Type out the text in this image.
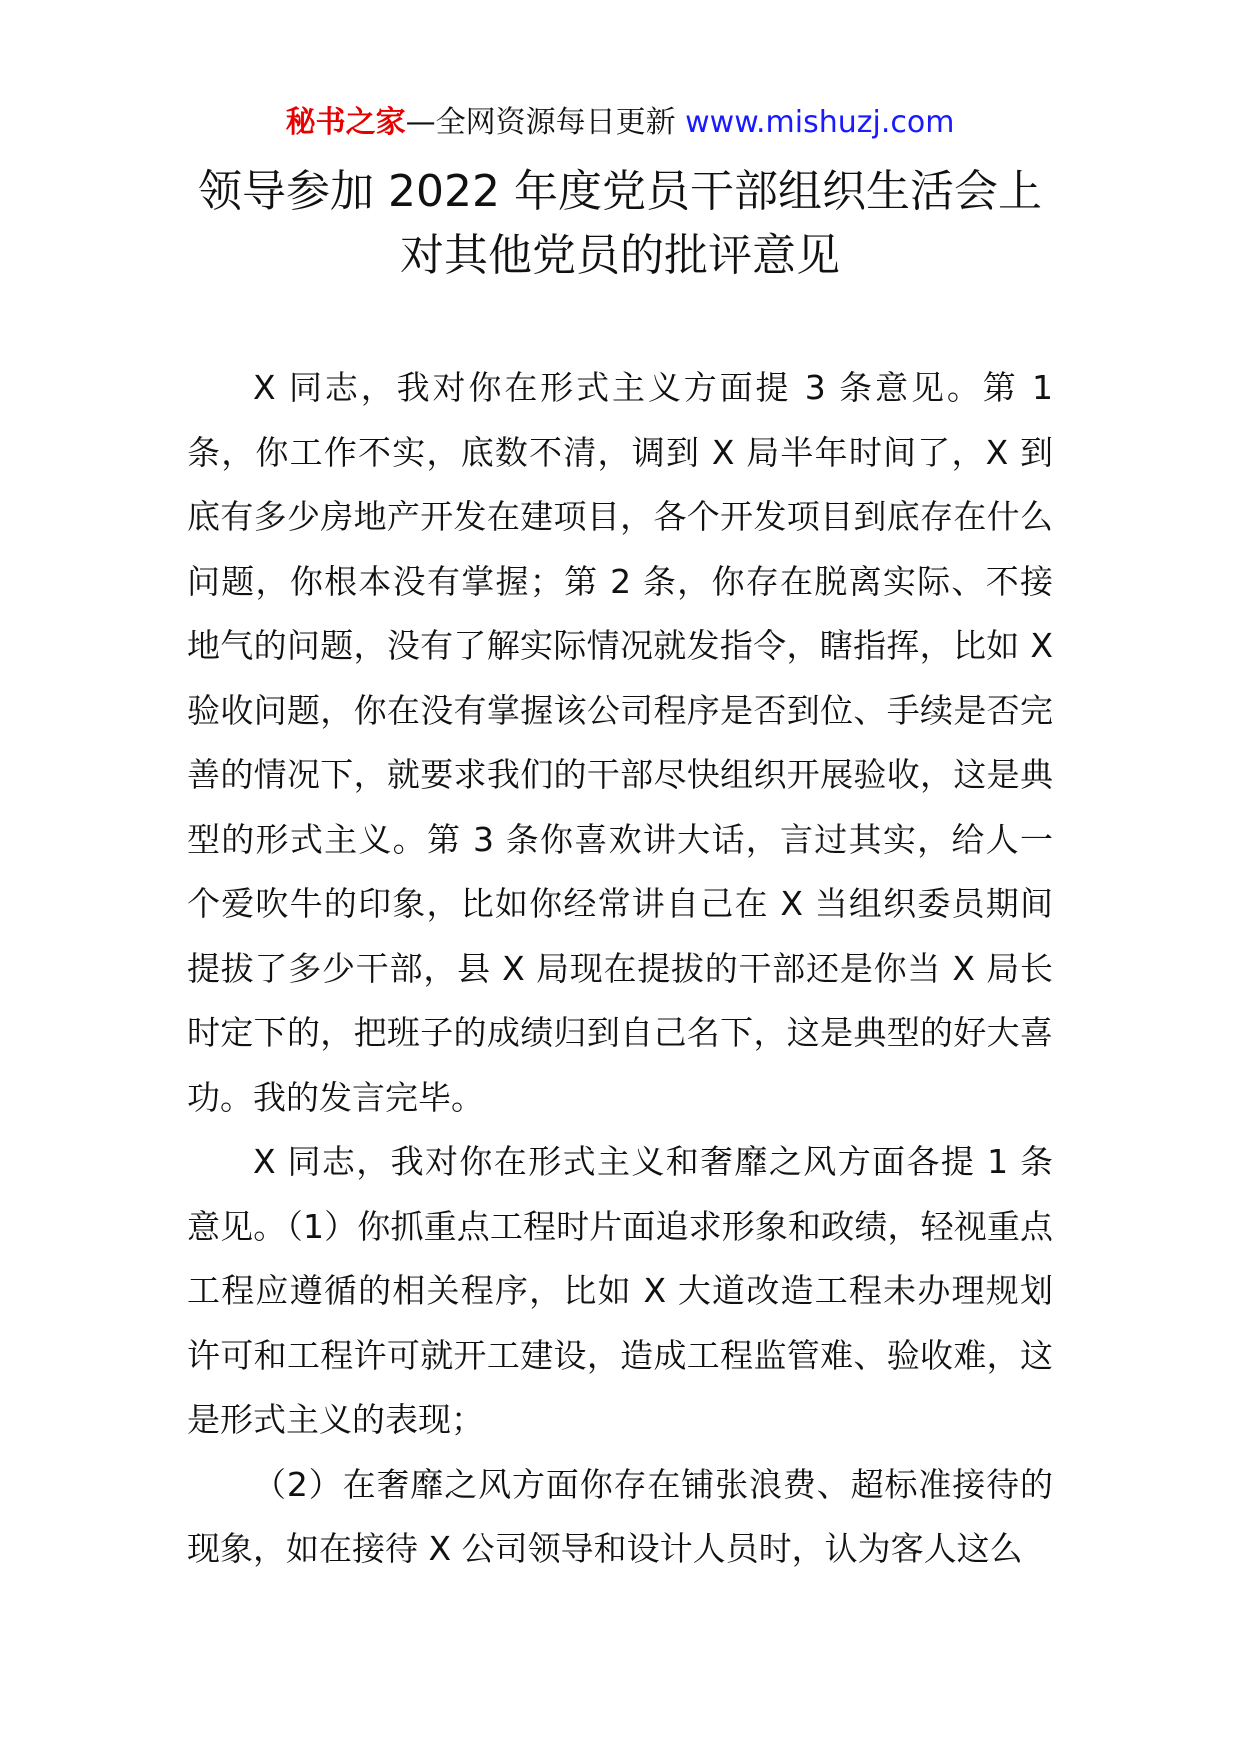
秘书之家—全网资源每日更新 www.mishuzj.com
领导参加 2022 年度党员干部组织生活会上
对其他党员的批评意见

X 同志，我对你在形式主义方面提 3 条意见。第 1 条，你工作不实，底数不清，调到 X 局半年时间了，X 到底有多少房地产开发在建项目，各个开发项目到底存在什么问题，你根本没有掌握；第 2 条，你存在脱离实际、不接地气的问题，没有了解实际情况就发指令，瞎指挥，比如 X 验收问题，你在没有掌握该公司程序是否到位、手续是否完善的情况下，就要求我们的干部尽快组织开展验收，这是典型的形式主义。第 3 条你喜欢讲大话，言过其实，给人一个爱吹牛的印象，比如你经常讲自己在 X 当组织委员期间提拔了多少干部，县 X 局现在提拔的干部还是你当 X 局长时定下的，把班子的成绩归到自己名下，这是典型的好大喜功。我的发言完毕。

X 同志，我对你在形式主义和奢靡之风方面各提 1 条意见。（1）你抓重点工程时片面追求形象和政绩，轻视重点工程应遵循的相关程序，比如 X 大道改造工程未办理规划许可和工程许可就开工建设，造成工程监管难、验收难，这是形式主义的表现；

（2）在奢靡之风方面你存在铺张浪费、超标准接待的现象，如在接待 X 公司领导和设计人员时，认为客人这么
